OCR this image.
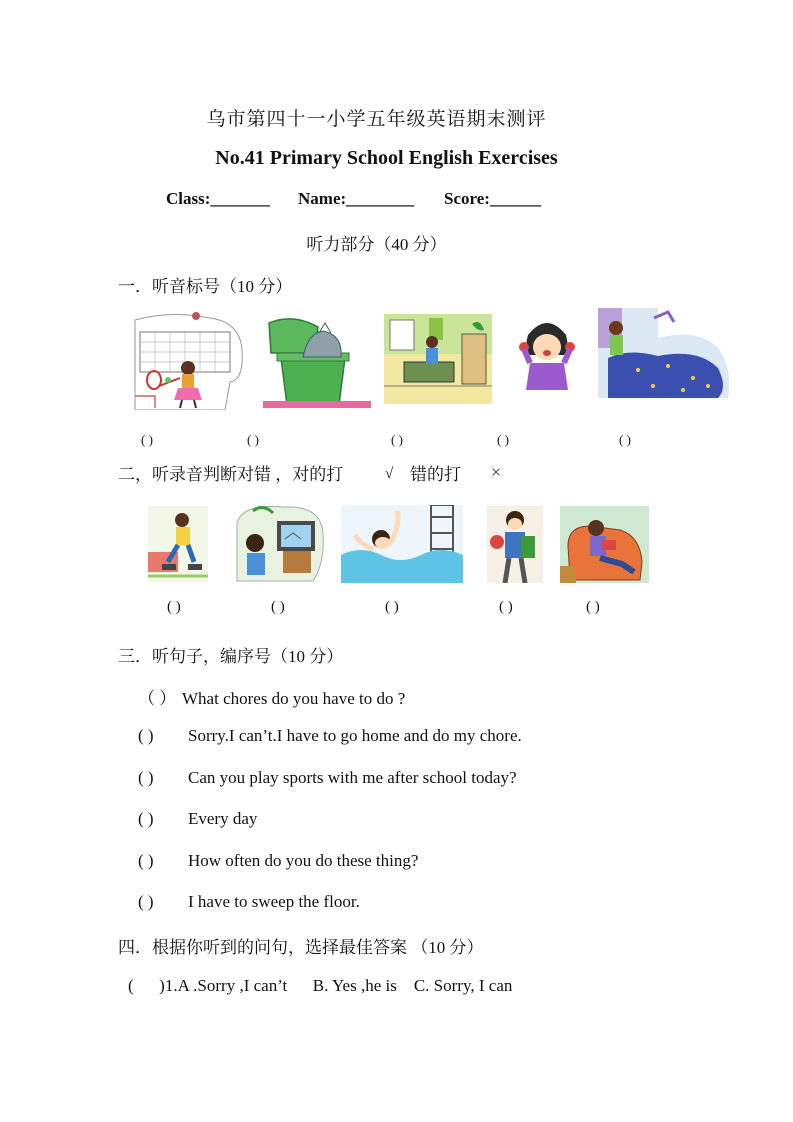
乌市第四十一小学五年级英语期末测评
No.41 Primary School English Exercises
Class:_______ Name:________ Score:______
听力部分（40 分）
一．听音标号（10 分）
( )	( )	( )	( )	( )
二，听录音判断对错 ，对的打	√ 错的打 ×
( )	( )	( )	( )	( )
三．听句子，编序号（10 分）
（ ） What chores do you have to do ?
( ) Sorry.I can’t.I have to go home and do my chore.
( ) Can you play sports with me after school today?
( ) Every day
( ) How often do you do these thing?
( ) I have to sweep the floor.
四．根据你听到的问句，选择最佳答案 （10 分）
(      )1.A .Sorry ,I can’t      B. Yes ,he is    C. Sorry, I can
